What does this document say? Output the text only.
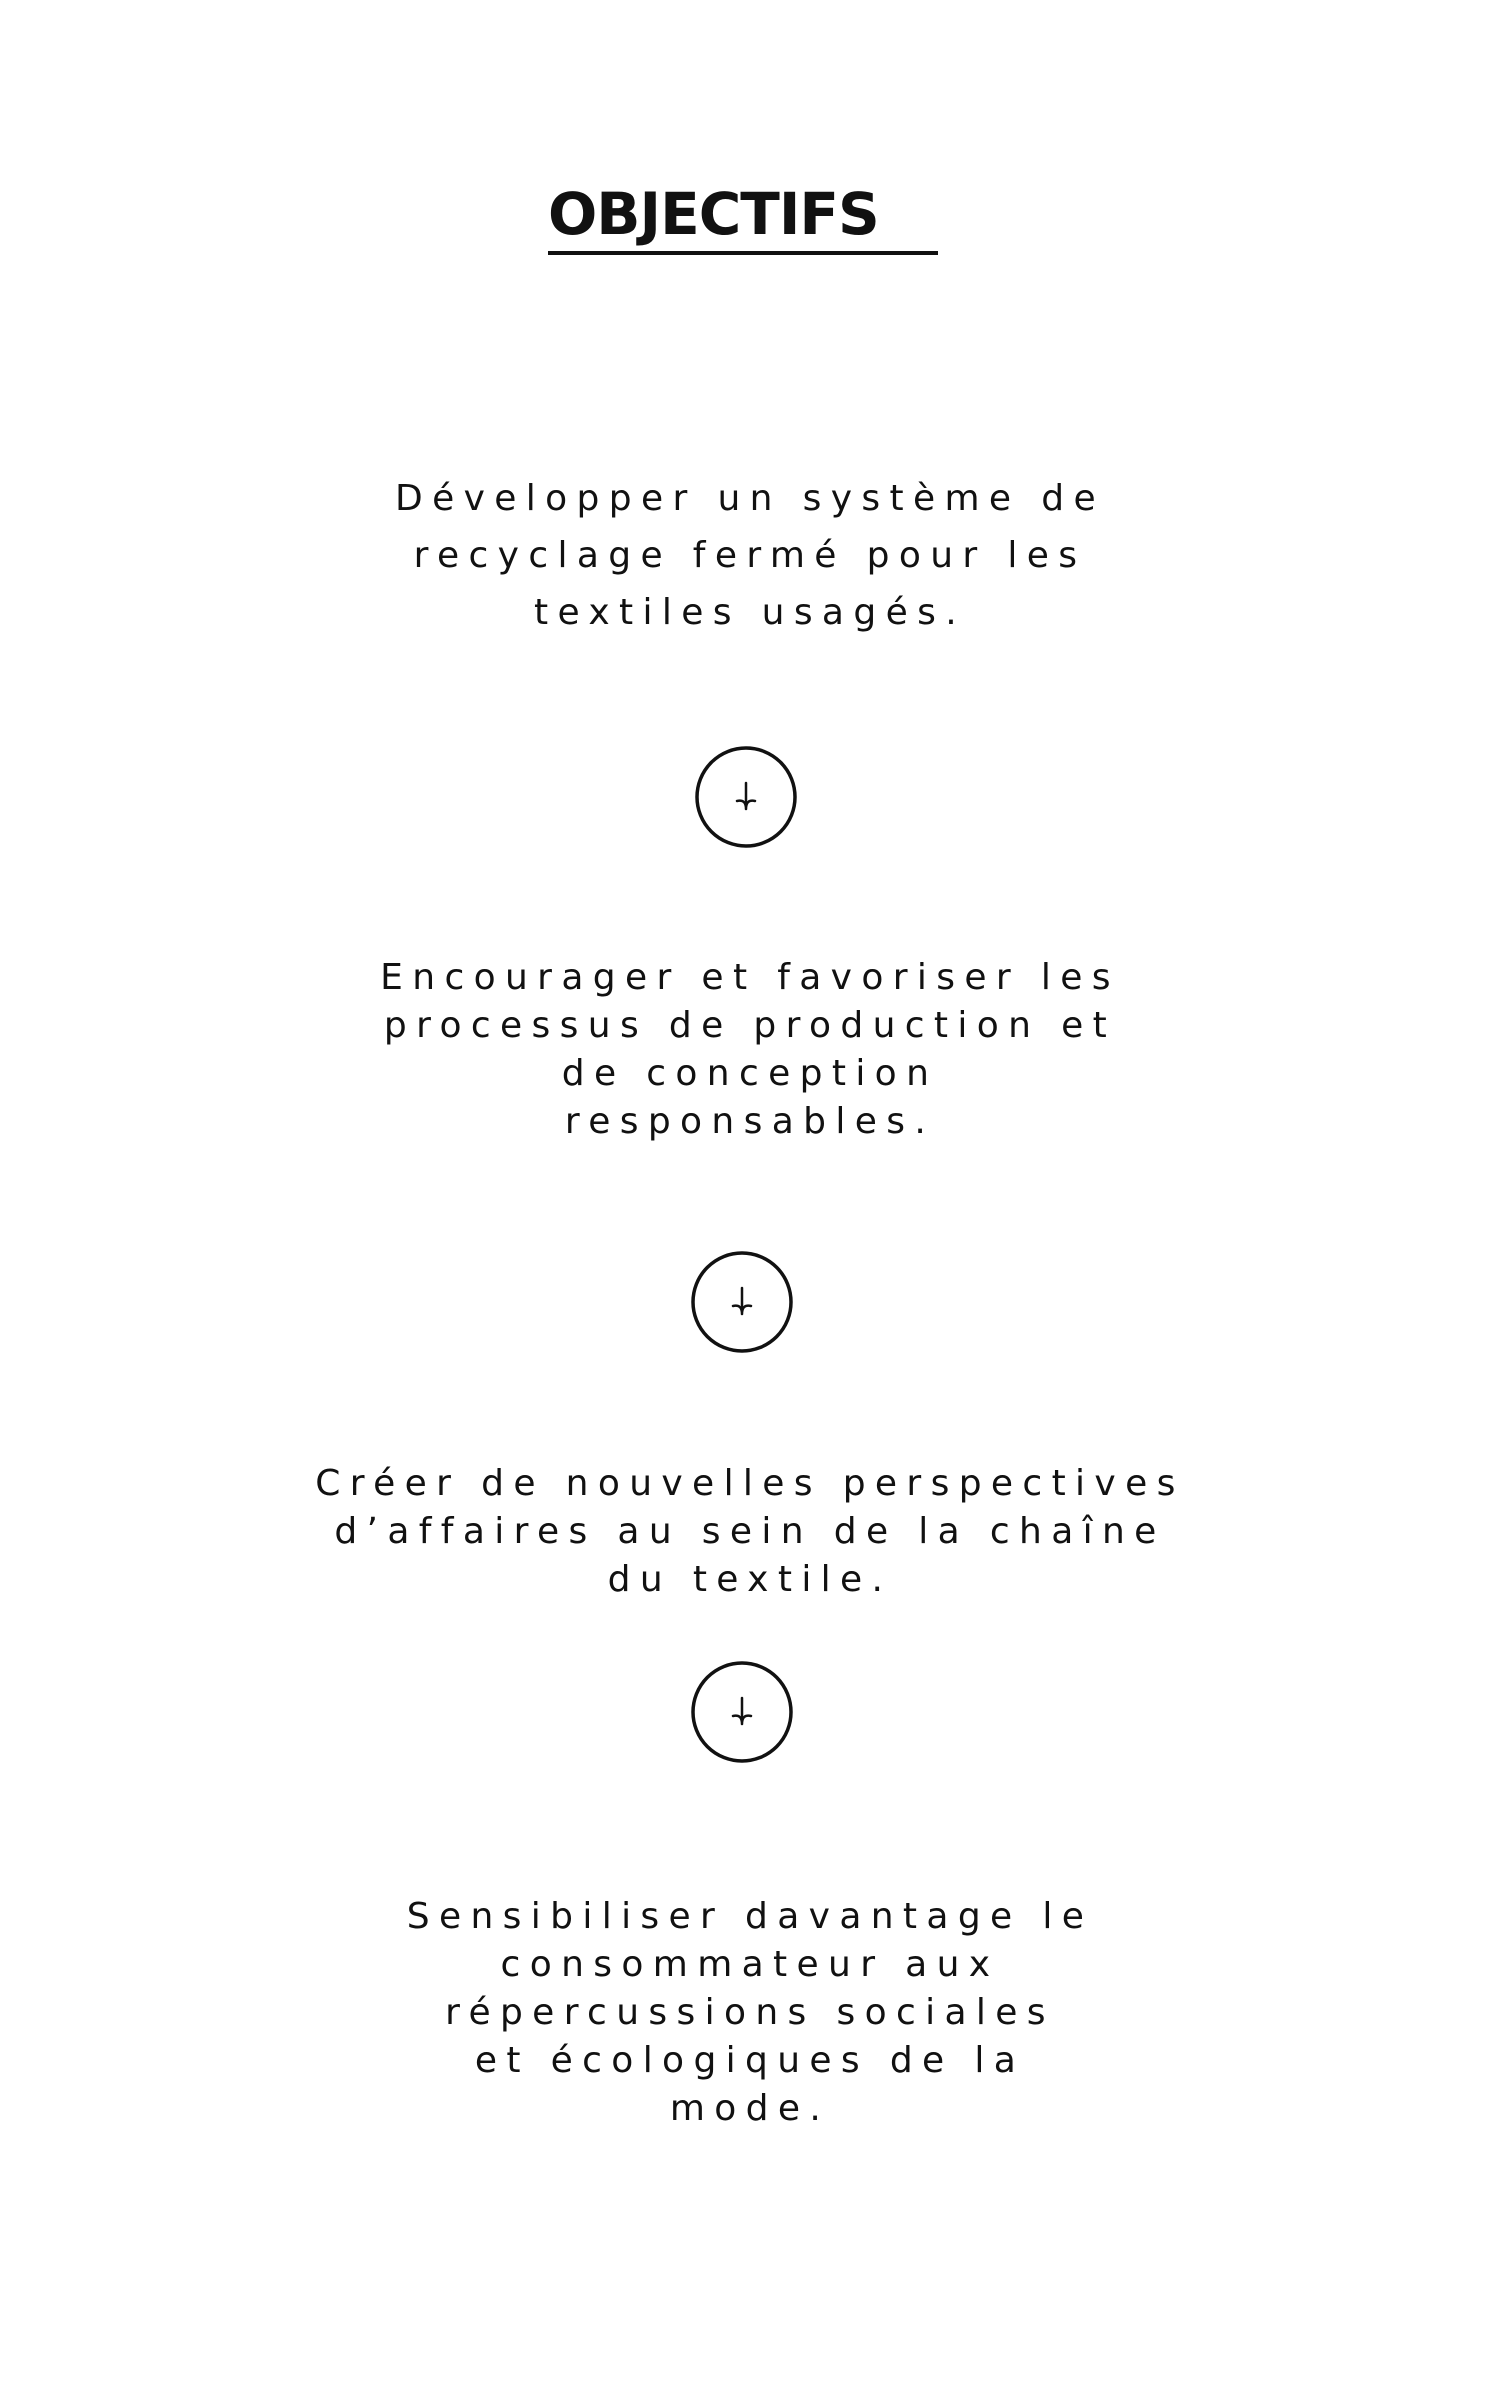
OBJECTIFS

Développer un système de
recyclage fermé pour les
textiles usagés.

Encourager et favoriser les
processus de production et
de conception
responsables.

Créer de nouvelles perspectives
d’affaires au sein de la chaîne
du textile.

Sensibiliser davantage le
consommateur aux
répercussions sociales
et écologiques de la
mode.
